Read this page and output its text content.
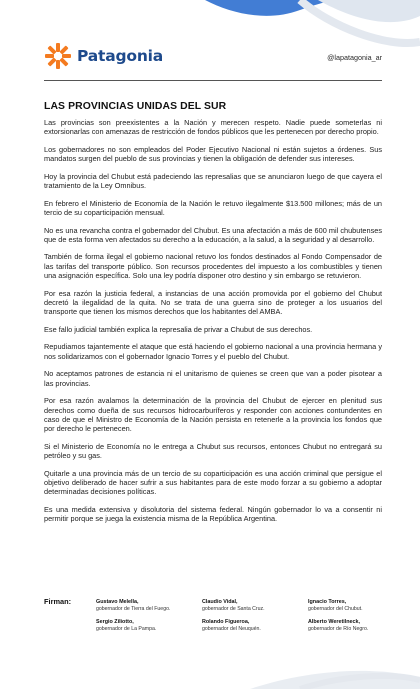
Patagonia	@lapatagonia_ar
LAS PROVINCIAS UNIDAS DEL SUR

Las provincias son preexistentes a la Nación y merecen respeto. Nadie puede someterlas ni extorsionarlas con amenazas de restricción de fondos públicos que les pertenecen por derecho propio.

Los gobernadores no son empleados del Poder Ejecutivo Nacional ni están sujetos a órdenes. Sus mandatos surgen del pueblo de sus provincias y tienen la obligación de defender sus intereses.

Hoy la provincia del Chubut está padeciendo las represalias que se anunciaron luego de que cayera el tratamiento de la Ley Omnibus.

En febrero el Ministerio de Economía de la Nación le retuvo ilegalmente $13.500 millones; más de un tercio de su coparticipación mensual.

No es una revancha contra el gobernador del Chubut. Es una afectación a más de 600 mil chubutenses que de esta forma ven afectados su derecho a la educación, a la salud, a la seguridad y al desarrollo.

También de forma ilegal el gobierno nacional retuvo los fondos destinados al Fondo Compensador de las tarifas del transporte público. Son recursos procedentes del impuesto a los combustibles y tienen una asignación específica. Solo una ley podría disponer otro destino y sin embargo se retuvieron.

Por esa razón la justicia federal, a instancias de una acción promovida por el gobierno del Chubut decretó la ilegalidad de la quita. No se trata de una guerra sino de proteger a los usuarios del transporte que tienen los mismos derechos que los habitantes del AMBA.

Ese fallo judicial también explica la represalia de privar a Chubut de sus derechos.

Repudiamos tajantemente el ataque que está haciendo el gobierno nacional a una provincia hermana y nos solidarizamos con el gobernador Ignacio Torres y el pueblo del Chubut.

No aceptamos patrones de estancia ni el unitarismo de quienes se creen que van a poder pisotear a las provincias.

Por esa razón avalamos la determinación de la provincia del Chubut de ejercer en plenitud sus derechos como dueña de sus recursos hidrocarburíferos y responder con acciones contundentes en caso de que el Ministro de Economía de la Nación persista en retenerle a la provincia los fondos que por derecho le pertenecen.

Si el Ministerio de Economía no le entrega a Chubut sus recursos, entonces Chubut no entregará su petróleo y su gas.

Quitarle a una provincia más de un tercio de su coparticipación es una acción criminal que persigue el objetivo deliberado de hacer sufrir a sus habitantes para de este modo forzar a su gobierno a adoptar determinadas decisiones políticas.

Es una medida extensiva y disolutoria del sistema federal. Ningún gobernador lo va a consentir ni permitir porque se juega la existencia misma de la República Argentina.

Firman:	Gustavo Melella,
gobernador de Tierra del Fuego.
Claudio Vidal,
gobernador de Santa Cruz.
Ignacio Torres,
gobernador del Chubut.
Sergio Ziliotto,
gobernador de La Pampa.
Rolando Figueroa,
gobernador del Neuquén.
Alberto Weretilneck,
gobernador de Río Negro.
